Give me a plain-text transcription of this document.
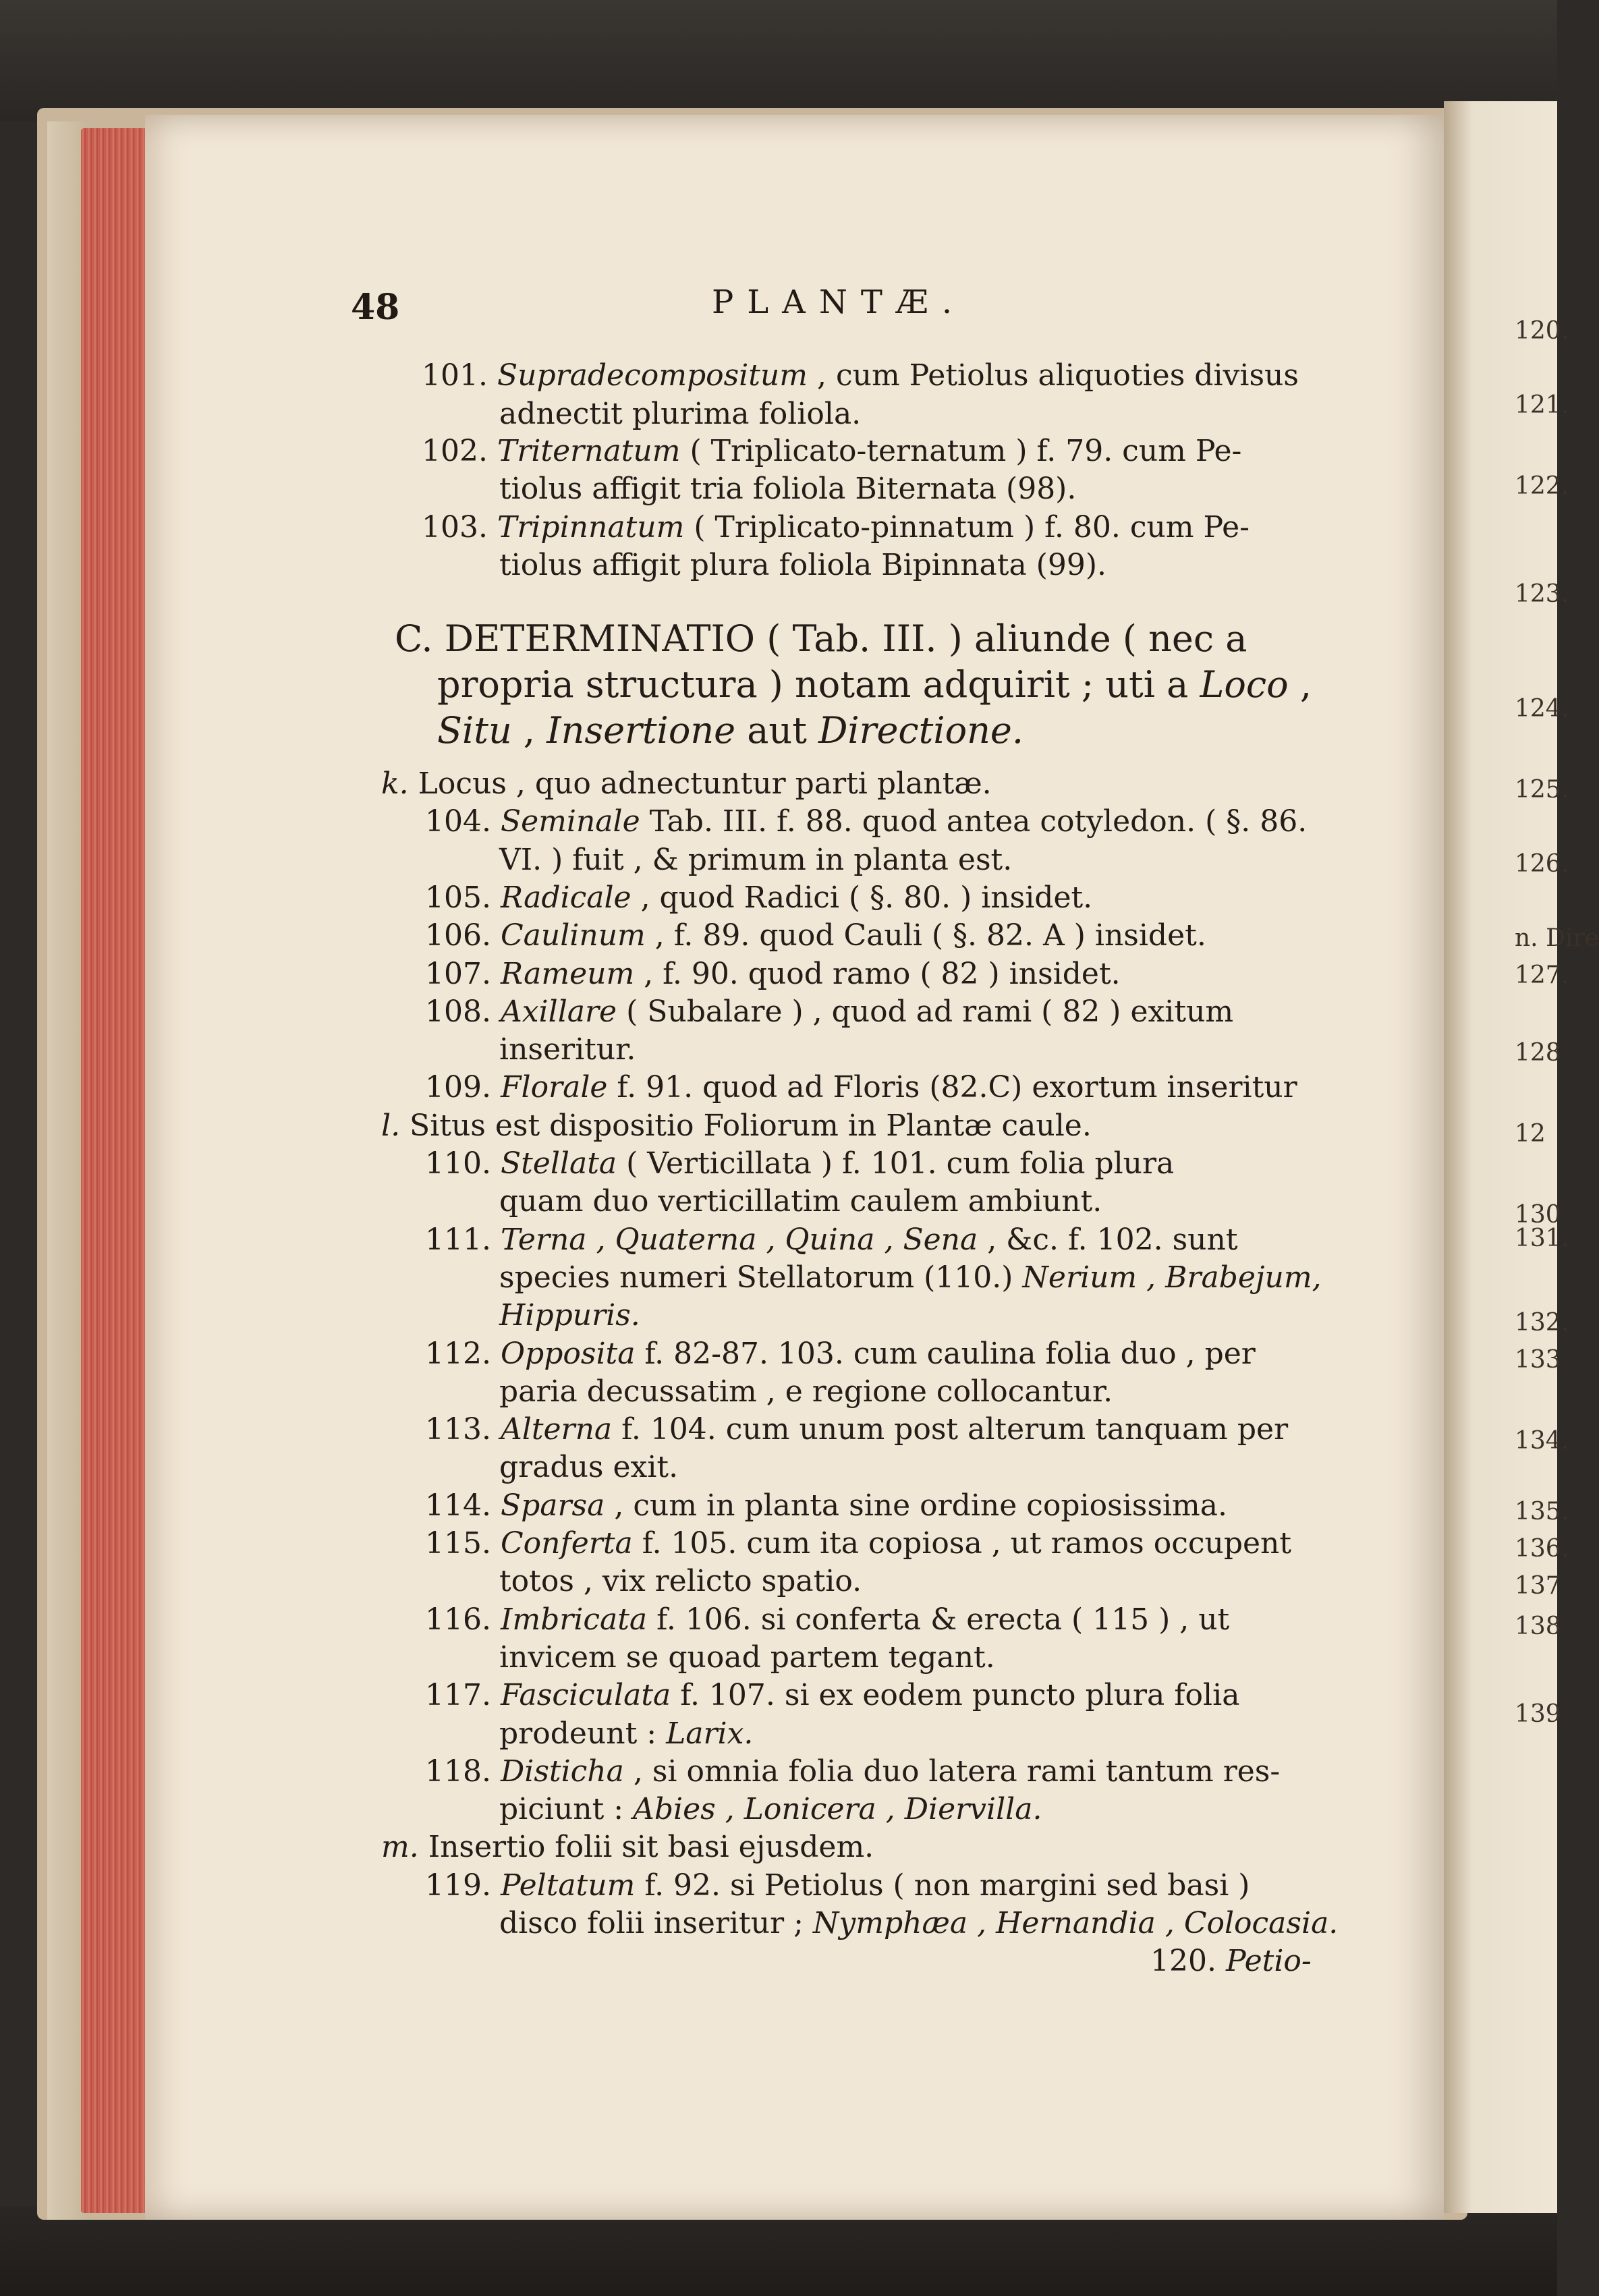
48	PLANTÆ.
101. Supradecompositum , cum Petiolus aliquoties divisus
adnectit plurima foliola.
102. Triternatum ( Triplicato-ternatum ) f. 79. cum Pe-
tiolus affigit tria foliola Biternata (98).
103. Tripinnatum ( Triplicato-pinnatum ) f. 80. cum Pe-
tiolus affigit plura foliola Bipinnata (99).
C. DETERMINATIO ( Tab. III. ) aliunde ( nec a
propria structura ) notam adquirit ; uti a Loco ,
Situ , Insertione aut Directione.
k. Locus , quo adnectuntur parti plantæ.
104. Seminale Tab. III. f. 88. quod antea cotyledon. ( §. 86.
VI. ) fuit , & primum in planta est.
105. Radicale , quod Radici ( §. 80. ) insidet.
106. Caulinum , f. 89. quod Cauli ( §. 82. A ) insidet.
107. Rameum , f. 90. quod ramo ( 82 ) insidet.
108. Axillare ( Subalare ) , quod ad rami ( 82 ) exitum
inseritur.
109. Florale f. 91. quod ad Floris (82.C) exortum inseritur
l. Situs est dispositio Foliorum in Plantæ caule.
110. Stellata ( Verticillata ) f. 101. cum folia plura
quam duo verticillatim caulem ambiunt.
111. Terna , Quaterna , Quina , Sena , &c. f. 102. sunt
species numeri Stellatorum (110.) Nerium , Brabejum,
Hippuris.
112. Opposita f. 82-87. 103. cum caulina folia duo , per
paria decussatim , e regione collocantur.
113. Alterna f. 104. cum unum post alterum tanquam per
gradus exit.
114. Sparsa , cum in planta sine ordine copiosissima.
115. Conferta f. 105. cum ita copiosa , ut ramos occupent
totos , vix relicto spatio.
116. Imbricata f. 106. si conferta & erecta ( 115 ) , ut
invicem se quoad partem tegant.
117. Fasciculata f. 107. si ex eodem puncto plura folia
prodeunt : Larix.
118. Disticha , si omnia folia duo latera rami tantum res-
piciunt : Abies , Lonicera , Diervilla.
m. Insertio folii sit basi ejusdem.
119. Peltatum f. 92. si Petiolus ( non margini sed basi )
disco folii inseritur ; Nymphæa , Hernandia , Colocasia.
120. Petio-
120.
121.
122.
123.
124.
125.
126.
n. Dire
127.
128
12
130
131.
132.
133
134.
135.
136.
137
138
139
